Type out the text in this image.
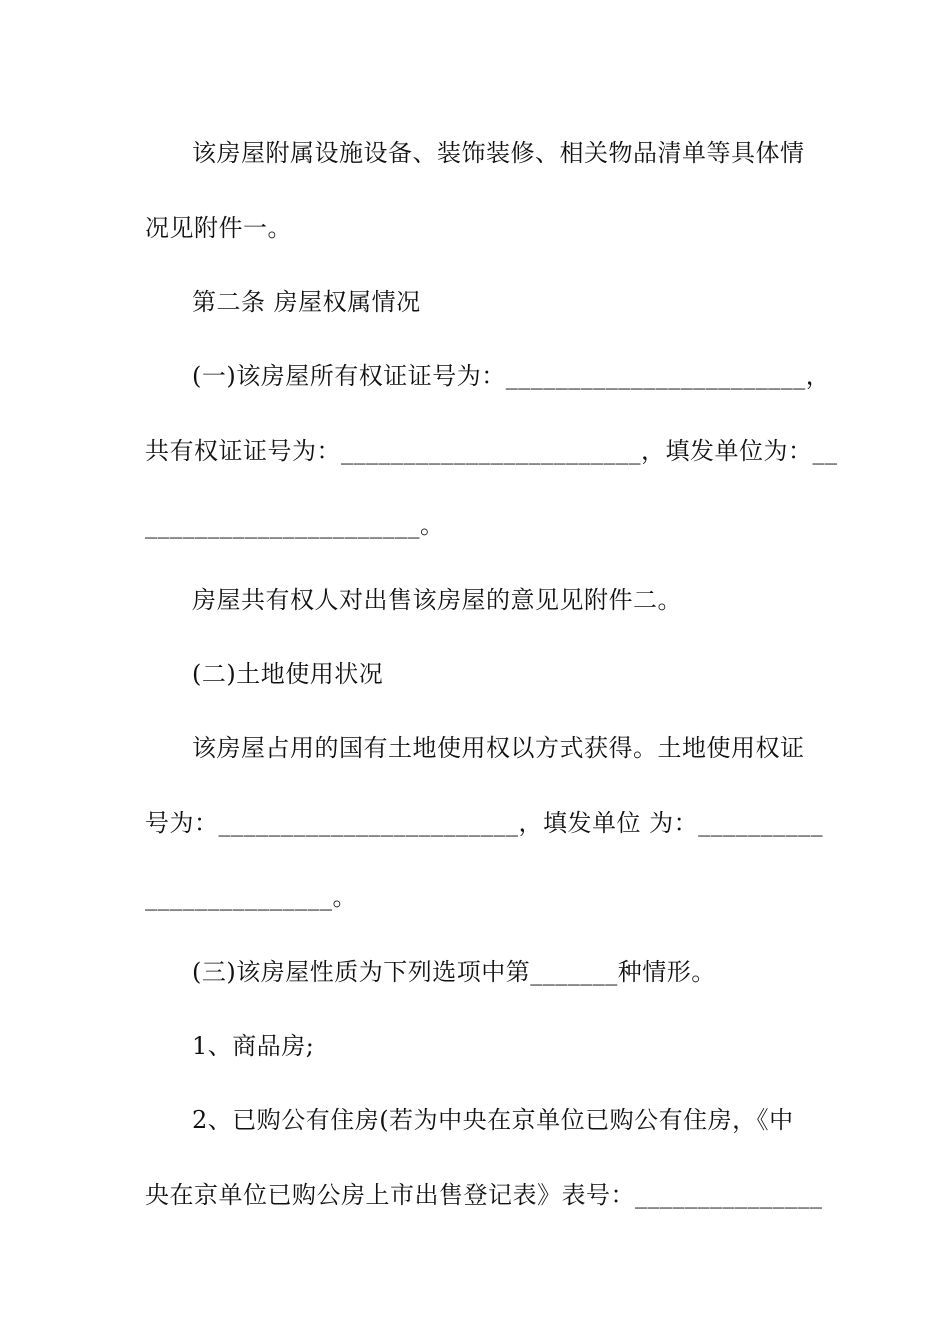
该房屋附属设施设备、装饰装修、相关物品清单等具体情
况见附件一。
第二条 房屋权属情况
(一)该房屋所有权证证号为：________________________，
共有权证证号为：________________________，填发单位为：__
______________________。
房屋共有权人对出售该房屋的意见见附件二。
(二)土地使用状况
该房屋占用的国有土地使用权以方式获得。土地使用权证
号为：________________________，填发单位 为：__________
_______________。
(三)该房屋性质为下列选项中第_______种情形。
1、商品房;
2、已购公有住房(若为中央在京单位已购公有住房，《中
央在京单位已购公房上市出售登记表》表号：_______________
